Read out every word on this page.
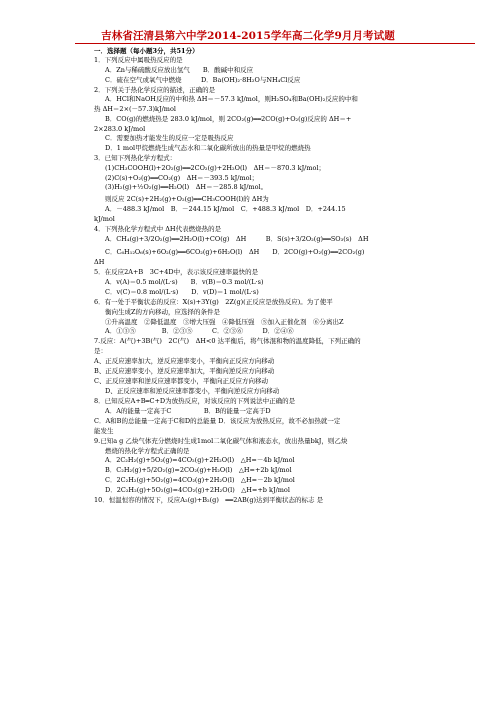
吉林省汪清县第六中学2014-2015学年高二化学9月月考试题
一．选择题（每小题3分，共51分）
1．下列反应中属吸热反应的是
A．Zn与稀硫酸反应放出氢气　　B．酸碱中和反应
C．硫在空气或氧气中燃烧　　　D．Ba(OH)₂·8H₂O与NH₄Cl反应
2．下列关于热化学反应的描述，正确的是
A．HCl和NaOH反应的中和热 ΔH＝－57.3 kJ/mol，则H₂SO₄和Ba(OH)₂反应的中和
热 ΔH＝2×(－57.3)kJ/mol
B．CO(g)的燃烧热是 283.0 kJ/mol，则 2CO₂(g)══2CO(g)+O₂(g)反应的 ΔH＝+
2×283.0 kJ/mol
C．需要加热才能发生的反应一定是吸热反应
D．1 mol甲烷燃烧生成气态水和二氧化碳所放出的热量是甲烷的燃烧热
3．已知下列热化学方程式：
(1)CH₃COOH(l)+2O₂(g)══2CO₂(g)+2H₂O(l)　ΔH＝－870.3 kJ/mol；
(2)C(s)+O₂(g)══CO₂(g)　ΔH＝－393.5 kJ/mol；
(3)H₂(g)+½O₂(g)══H₂O(l)　ΔH＝－285.8 kJ/mol。
则反应 2C(s)+2H₂(g)+O₂(g)══CH₃COOH(l)的 ΔH为
A．－488.3 kJ/mol　B．－244.15 kJ/mol　C．+488.3 kJ/mol　D．+244.15
kJ/mol
4．下列热化学方程式中 ΔH代表燃烧热的是
A．CH₄(g)+3/2O₂(g)══2H₂O(l)+CO(g)　ΔH　　　B．S(s)+3/2O₂(g)══SO₃(s)　ΔH
C．C₆H₁₂O₆(s)+6O₂(g)══6CO₂(g)+6H₂O(l)　ΔH　　D．2CO(g)+O₂(g)══2CO₂(g)
ΔH
5．在反应2A+B　3C+4D中，表示该反应速率最快的是
A．v(A)＝0.5 mol/(L·s)　　B．v(B)＝0.3 mol/(L·s)
C．v(C)＝0.8 mol/(L·s)　　D．v(D)＝1 mol/(L·s)
6．有一处于平衡状态的反应：X(s)+3Y(g)　2Z(g)(正反应是放热反应)。为了使平
衡向生成Z的方向移动，应选择的条件是
①升高温度　②降低温度　③增大压强　④降低压强　⑤加入正催化剂　⑥分离出Z
A．①③⑤　　　　B．②③⑤　　　C．②③⑥　　　D．②④⑥
7.反应：A(气)+3B(气)　2C(气)　ΔH<0 达平衡后，将气体混和物的温度降低，下列正确的
是：
A、正反应速率加大，逆反应速率变小，平衡向正反应方向移动
B、正反应速率变小，逆反应速率加大，平衡向逆反应方向移动
C、正反应速率和逆反应速率都变小，平衡向正反应方向移动
D、正反应速率和逆反应速率都变小，平衡向逆反应方向移动
8．已知反应A+B═C+D为放热反应，对该反应的下列说法中正确的是
A．A的能量一定高于C　　　　　B．B的能量一定高于D
C．A和B的总能量一定高于C和D的总能量 D．该反应为放热反应，故不必加热就一定
能发生
9.已知a g 乙炔气体充分燃烧时生成1mol二氧化碳气体和液态水，放出热量bkJ，则乙炔
燃烧的热化学方程式正确的是
A．2C₂H₂(g)+5O₂(g)=4CO₂(g)+2H₂O(l)　△H=－4b kJ/mol
B．C₂H₂(g)+5/2O₂(g)=2CO₂(g)+H₂O(l)　△H=+2b kJ/mol
C．2C₂H₂(g)+5O₂(g)=4CO₂(g)+2H₂O(l)　△H=－2b kJ/mol
D．2C₂H₂(g)+5O₂(g)=4CO₂(g)+2H₂O(l)　△H=+b kJ/mol
10．恒温恒容的情况下，反应A₂(g)+B₂(g)　══2AB(g)达到平衡状态的标志 是
